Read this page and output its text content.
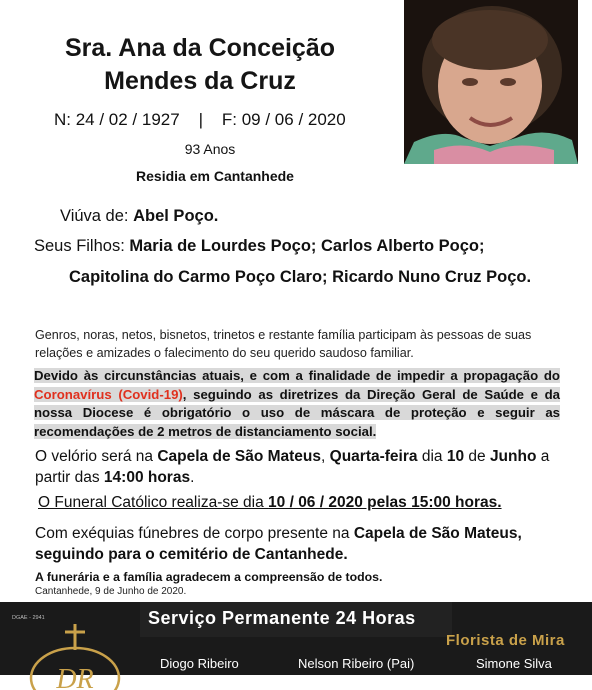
Sra. Ana da Conceição
Mendes da Cruz
N: 24 / 02 / 1927    |    F: 09 / 06 / 2020
93 Anos
Residia em Cantanhede
Viúva de: Abel Poço.
Seus Filhos: Maria de Lourdes Poço; Carlos Alberto Poço;
Capitolina do Carmo Poço Claro; Ricardo Nuno Cruz Poço.
Genros, noras, netos, bisnetos, trinetos e restante família participam às pessoas de suas relações e amizades o falecimento do seu querido saudoso familiar.
Devido às circunstâncias atuais, e com a finalidade de impedir a propagação do Coronavírus (Covid-19), seguindo as diretrizes da Direção Geral de Saúde e da nossa Diocese é obrigatório o uso de máscara de proteção e seguir as recomendações de 2 metros de distanciamento social.
O velório será na Capela de São Mateus, Quarta-feira dia 10 de Junho a partir das 14:00 horas.
O Funeral Católico realiza-se dia 10 / 06 / 2020 pelas 15:00 horas.
Com exéquias fúnebres de corpo presente na Capela de São Mateus,
seguindo para o cemitério de Cantanhede.
A funerária e a família agradecem a compreensão de todos.
Cantanhede, 9 de Junho de 2020.
DGAE - 2941	Serviço Permanente 24 Horas
DR
Florista de Mira
Diogo Ribeiro	Nelson Ribeiro (Pai)	Simone Silva
